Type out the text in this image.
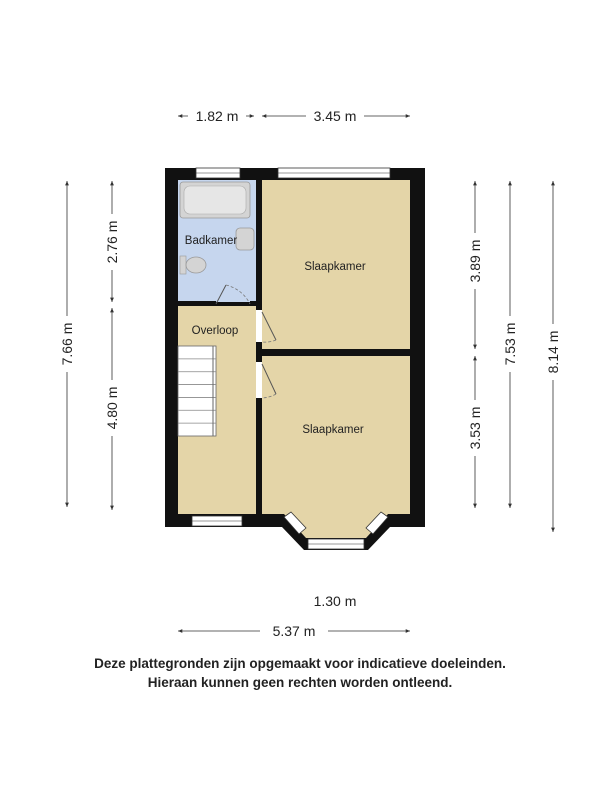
Badkamer
Slaapkamer
Overloop
Slaapkamer
1.82 m	3.45 m
7.66 m
2.76 m
4.80 m
3.89 m
3.53 m
7.53 m 8.14 m
1.30 m
5.37 m
Deze plattegronden zijn opgemaakt voor indicatieve doeleinden.
Hieraan kunnen geen rechten worden ontleend.
